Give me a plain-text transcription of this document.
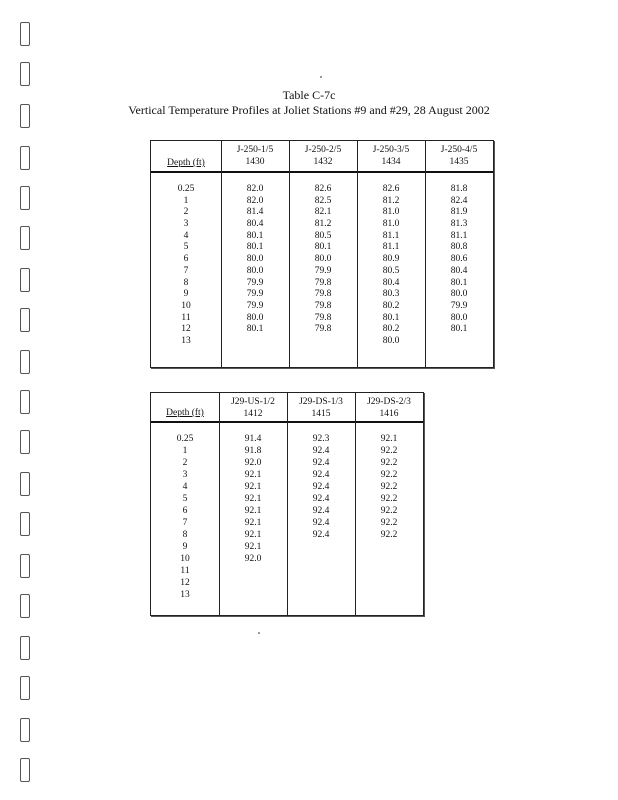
Table C-7c
Vertical Temperature Profiles at Joliet Stations #9 and #29, 28 August 2002
Depth (ft)
0.25
1
2
3
4
5
6
7
8
9
10
11
12
13
J-250-1/5
1430
82.0
82.0
81.4
80.4
80.1
80.1
80.0
80.0
79.9
79.9
79.9
80.0
80.1
J-250-2/5
1432
82.6
82.5
82.1
81.2
80.5
80.1
80.0
79.9
79.8
79.8
79.8
79.8
79.8
J-250-3/5
1434
82.6
81.2
81.0
81.0
81.1
81.1
80.9
80.5
80.4
80.3
80.2
80.1
80.2
80.0
J-250-4/5
1435
81.8
82.4
81.9
81.3
81.1
80.8
80.6
80.4
80.1
80.0
79.9
80.0
80.1
Depth (ft)
0.25
1
2
3
4
5
6
7
8
9
10
11
12
13
J29-US-1/2
1412
91.4
91.8
92.0
92.1
92.1
92.1
92.1
92.1
92.1
92.1
92.0
J29-DS-1/3
1415
92.3
92.4
92.4
92.4
92.4
92.4
92.4
92.4
92.4
J29-DS-2/3
1416
92.1
92.2
92.2
92.2
92.2
92.2
92.2
92.2
92.2
